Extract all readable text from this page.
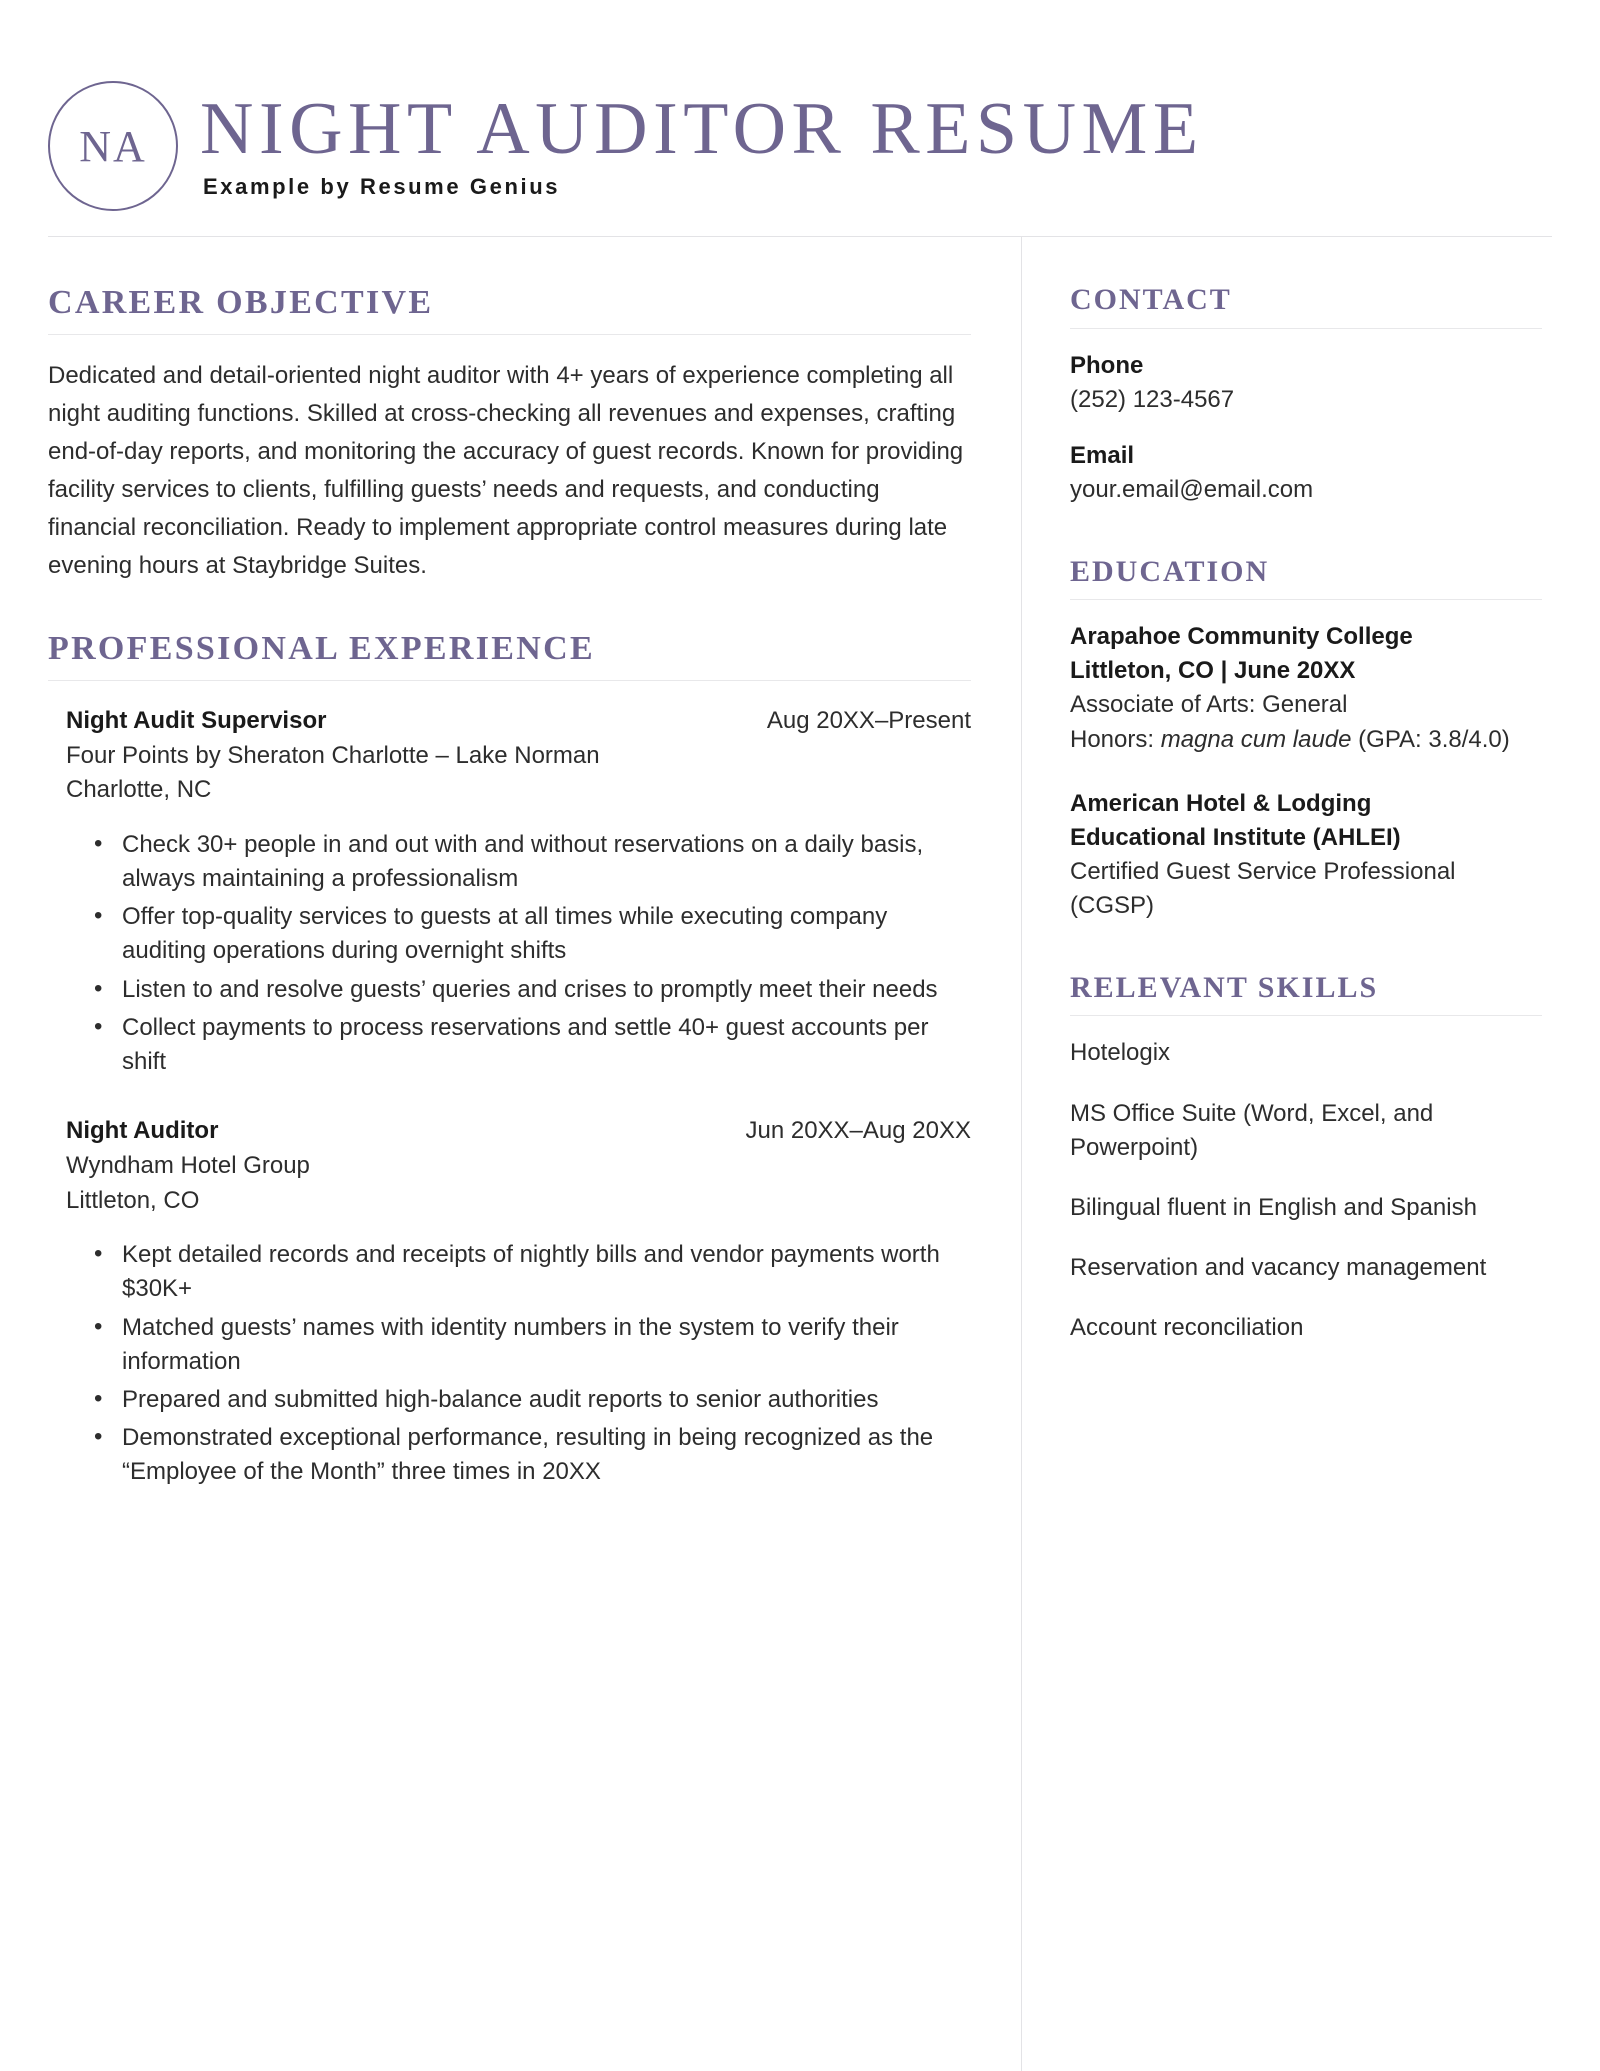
NA NIGHT AUDITOR RESUME
Example by Resume Genius
CAREER OBJECTIVE

Dedicated and detail-oriented night auditor with 4+ years of experience completing all night auditing functions. Skilled at cross-checking all revenues and expenses, crafting end-of-day reports, and monitoring the accuracy of guest records. Known for providing facility services to clients, fulfilling guests’ needs and requests, and conducting financial reconciliation. Ready to implement appropriate control measures during late evening hours at Staybridge Suites.

PROFESSIONAL EXPERIENCE
Night Audit Supervisor	Aug 20XX–Present
Four Points by Sheraton Charlotte – Lake Norman
Charlotte, NC
• Check 30+ people in and out with and without reservations on a daily basis, always maintaining a professionalism
• Offer top-quality services to guests at all times while executing company auditing operations during overnight shifts
• Listen to and resolve guests’ queries and crises to promptly meet their needs
• Collect payments to process reservations and settle 40+ guest accounts per shift
Night Auditor	Jun 20XX–Aug 20XX
Wyndham Hotel Group
Littleton, CO
• Kept detailed records and receipts of nightly bills and vendor payments worth $30K+
• Matched guests’ names with identity numbers in the system to verify their information
• Prepared and submitted high-balance audit reports to senior authorities
• Demonstrated exceptional performance, resulting in being recognized as the “Employee of the Month” three times in 20XX
CONTACT
Phone
(252) 123-4567
Email
your.email@email.com
EDUCATION
Arapahoe Community College
Littleton, CO | June 20XX
Associate of Arts: General
Honors: magna cum laude (GPA: 3.8/4.0)
American Hotel & Lodging
Educational Institute (AHLEI)
Certified Guest Service Professional (CGSP)
RELEVANT SKILLS
Hotelogix
MS Office Suite (Word, Excel, and Powerpoint)
Bilingual fluent in English and Spanish
Reservation and vacancy management
Account reconciliation
